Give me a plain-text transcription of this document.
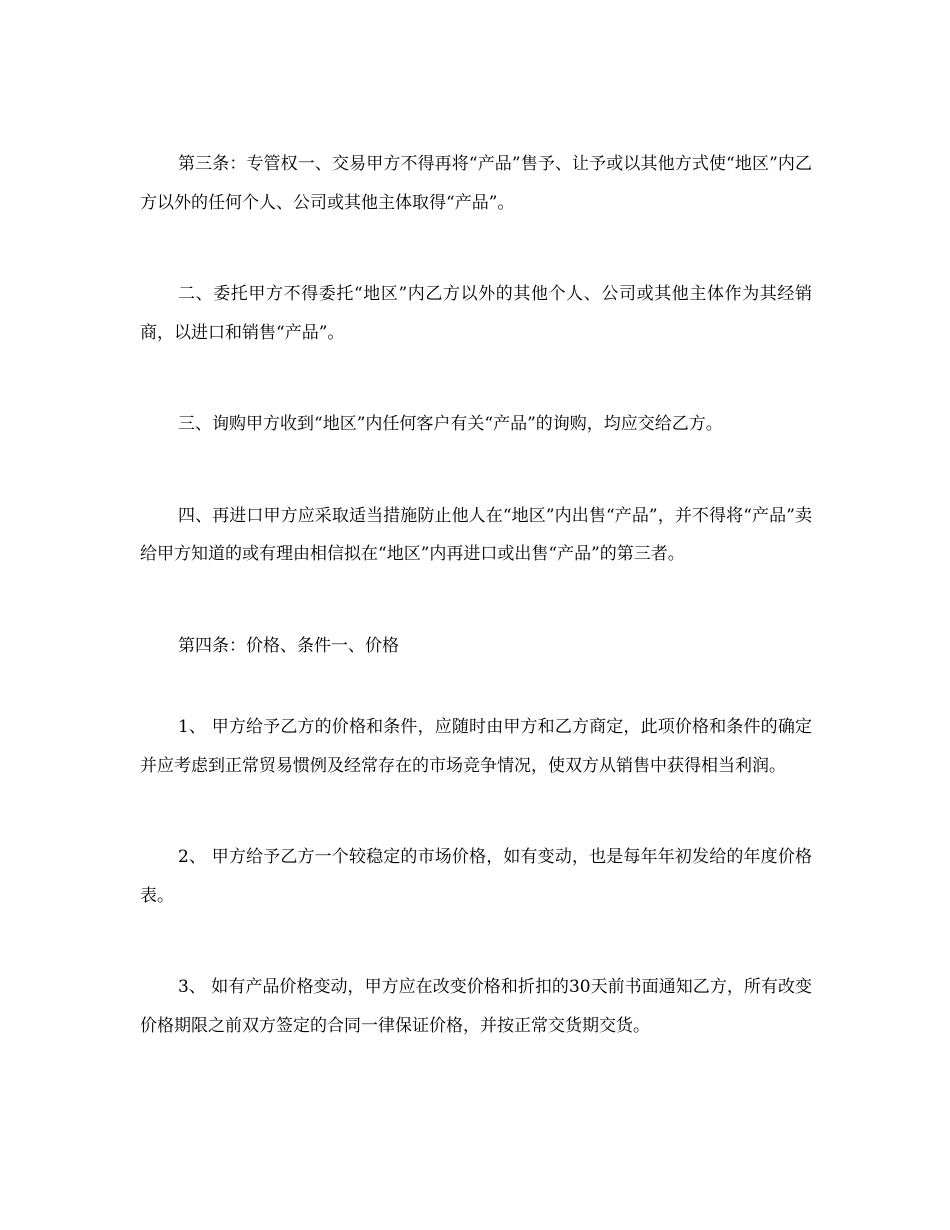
第三条：专管权一、交易甲方不得再将“产品”售予、让予或以其他方式使“地区”内乙方以外的任何个人、公司或其他主体取得“产品”。

二、委托甲方不得委托“地区”内乙方以外的其他个人、公司或其他主体作为其经销商，以进口和销售“产品”。

三、询购甲方收到“地区”内任何客户有关“产品”的询购，均应交给乙方。

四、再进口甲方应采取适当措施防止他人在“地区”内出售“产品”，并不得将“产品”卖给甲方知道的或有理由相信拟在“地区”内再进口或出售“产品”的第三者。

第四条：价格、条件一、价格

1、 甲方给予乙方的价格和条件，应随时由甲方和乙方商定，此项价格和条件的确定并应考虑到正常贸易惯例及经常存在的市场竞争情况，使双方从销售中获得相当利润。

2、 甲方给予乙方一个较稳定的市场价格，如有变动，也是每年年初发给的年度价格表。

3、 如有产品价格变动，甲方应在改变价格和折扣的30天前书面通知乙方，所有改变价格期限之前双方签定的合同一律保证价格，并按正常交货期交货。
